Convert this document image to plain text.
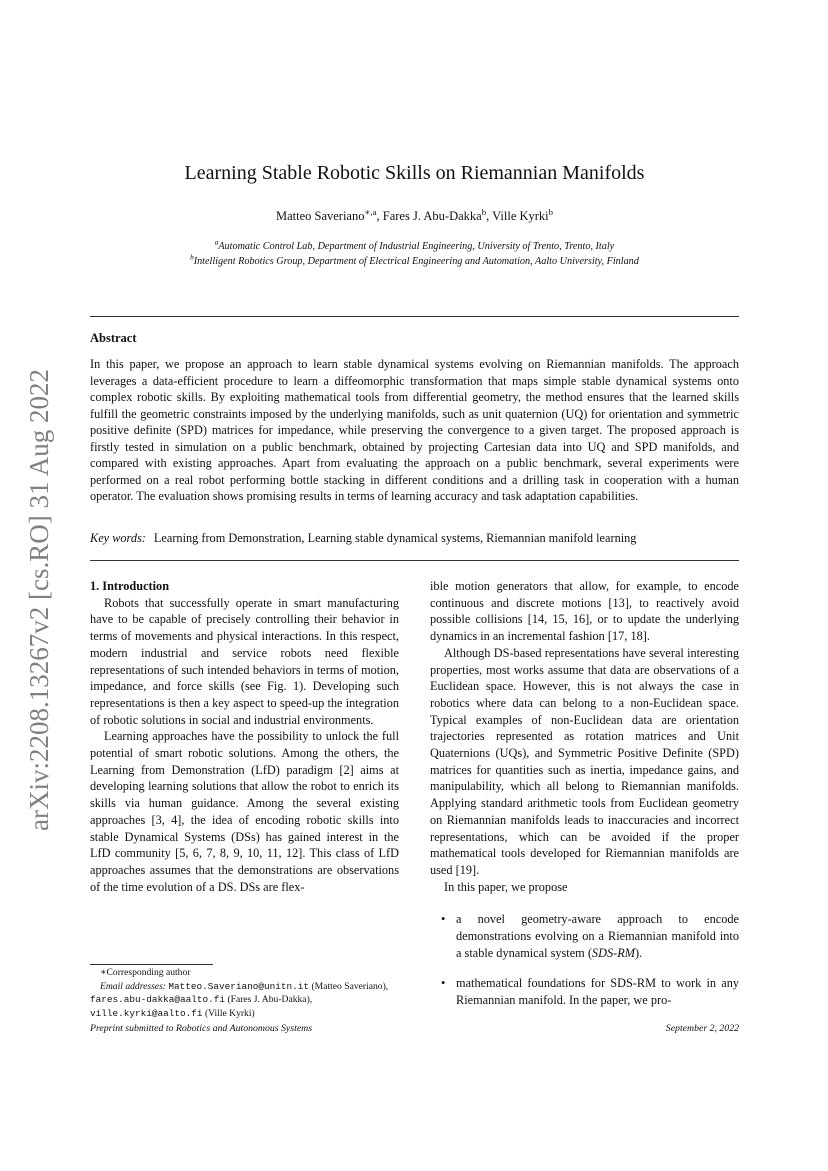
arXiv:2208.13267v2 [cs.RO] 31 Aug 2022
Learning Stable Robotic Skills on Riemannian Manifolds
Matteo Saveriano$^{∗,a}$, Fares J. Abu-Dakka$^b$, Ville Kyrki$^b$
$^a$Automatic Control Lab, Department of Industrial Engineering, University of Trento, Trento, Italy
$^b$Intelligent Robotics Group, Department of Electrical Engineering and Automation, Aalto University, Finland
Abstract
In this paper, we propose an approach to learn stable dynamical systems evolving on Riemannian manifolds. The approach leverages a data-efficient procedure to learn a diffeomorphic transformation that maps simple stable dynamical systems onto complex robotic skills. By exploiting mathematical tools from differential geometry, the method ensures that the learned skills fulfill the geometric constraints imposed by the underlying manifolds, such as unit quaternion (UQ) for orientation and symmetric positive definite (SPD) matrices for impedance, while preserving the convergence to a given target. The proposed approach is firstly tested in simulation on a public benchmark, obtained by projecting Cartesian data into UQ and SPD manifolds, and compared with existing approaches. Apart from evaluating the approach on a public benchmark, several experiments were performed on a real robot performing bottle stacking in different conditions and a drilling task in cooperation with a human operator. The evaluation shows promising results in terms of learning accuracy and task adaptation capabilities.
Key words: Learning from Demonstration, Learning stable dynamical systems, Riemannian manifold learning

1. Introduction

Robots that successfully operate in smart manufacturing have to be capable of precisely controlling their behavior in terms of movements and physical interactions. In this respect, modern industrial and service robots need flexible representations of such intended behaviors in terms of motion, impedance, and force skills (see Fig. 1). Developing such representations is then a key aspect to speed-up the integration of robotic solutions in social and industrial environments.

Learning approaches have the possibility to unlock the full potential of smart robotic solutions. Among the others, the Learning from Demonstration (LfD) paradigm [2] aims at developing learning solutions that allow the robot to enrich its skills via human guidance. Among the several existing approaches [3, 4], the idea of encoding robotic skills into stable Dynamical Systems (DSs) has gained interest in the LfD community [5, 6, 7, 8, 9, 10, 11, 12]. This class of LfD approaches assumes that the demonstrations are observations of the time evolution of a DS. DSs are flex-

ible motion generators that allow, for example, to encode continuous and discrete motions [13], to reactively avoid possible collisions [14, 15, 16], or to update the underlying dynamics in an incremental fashion [17, 18].

Although DS-based representations have several interesting properties, most works assume that data are observations of a Euclidean space. However, this is not always the case in robotics where data can belong to a non-Euclidean space. Typical examples of non-Euclidean data are orientation trajectories represented as rotation matrices and Unit Quaternions (UQs), and Symmetric Positive Definite (SPD) matrices for quantities such as inertia, impedance gains, and manipulability, which all belong to Riemannian manifolds. Applying standard arithmetic tools from Euclidean geometry on Riemannian manifolds leads to inaccuracies and incorrect representations, which can be avoided if the proper mathematical tools developed for Riemannian manifolds are used [19].

In this paper, we propose

• a novel geometry-aware approach to encode demonstrations evolving on a Riemannian manifold into a stable dynamical system (SDS-RM).
• mathematical foundations for SDS-RM to work in any Riemannian manifold. In the paper, we pro-

∗Corresponding author

Email addresses: Matteo.Saveriano@unitn.it (Matteo Saveriano), fares.abu-dakka@aalto.fi (Fares J. Abu-Dakka), ville.kyrki@aalto.fi (Ville Kyrki)

Preprint submitted to Robotics and Autonomous Systems	September 2, 2022
